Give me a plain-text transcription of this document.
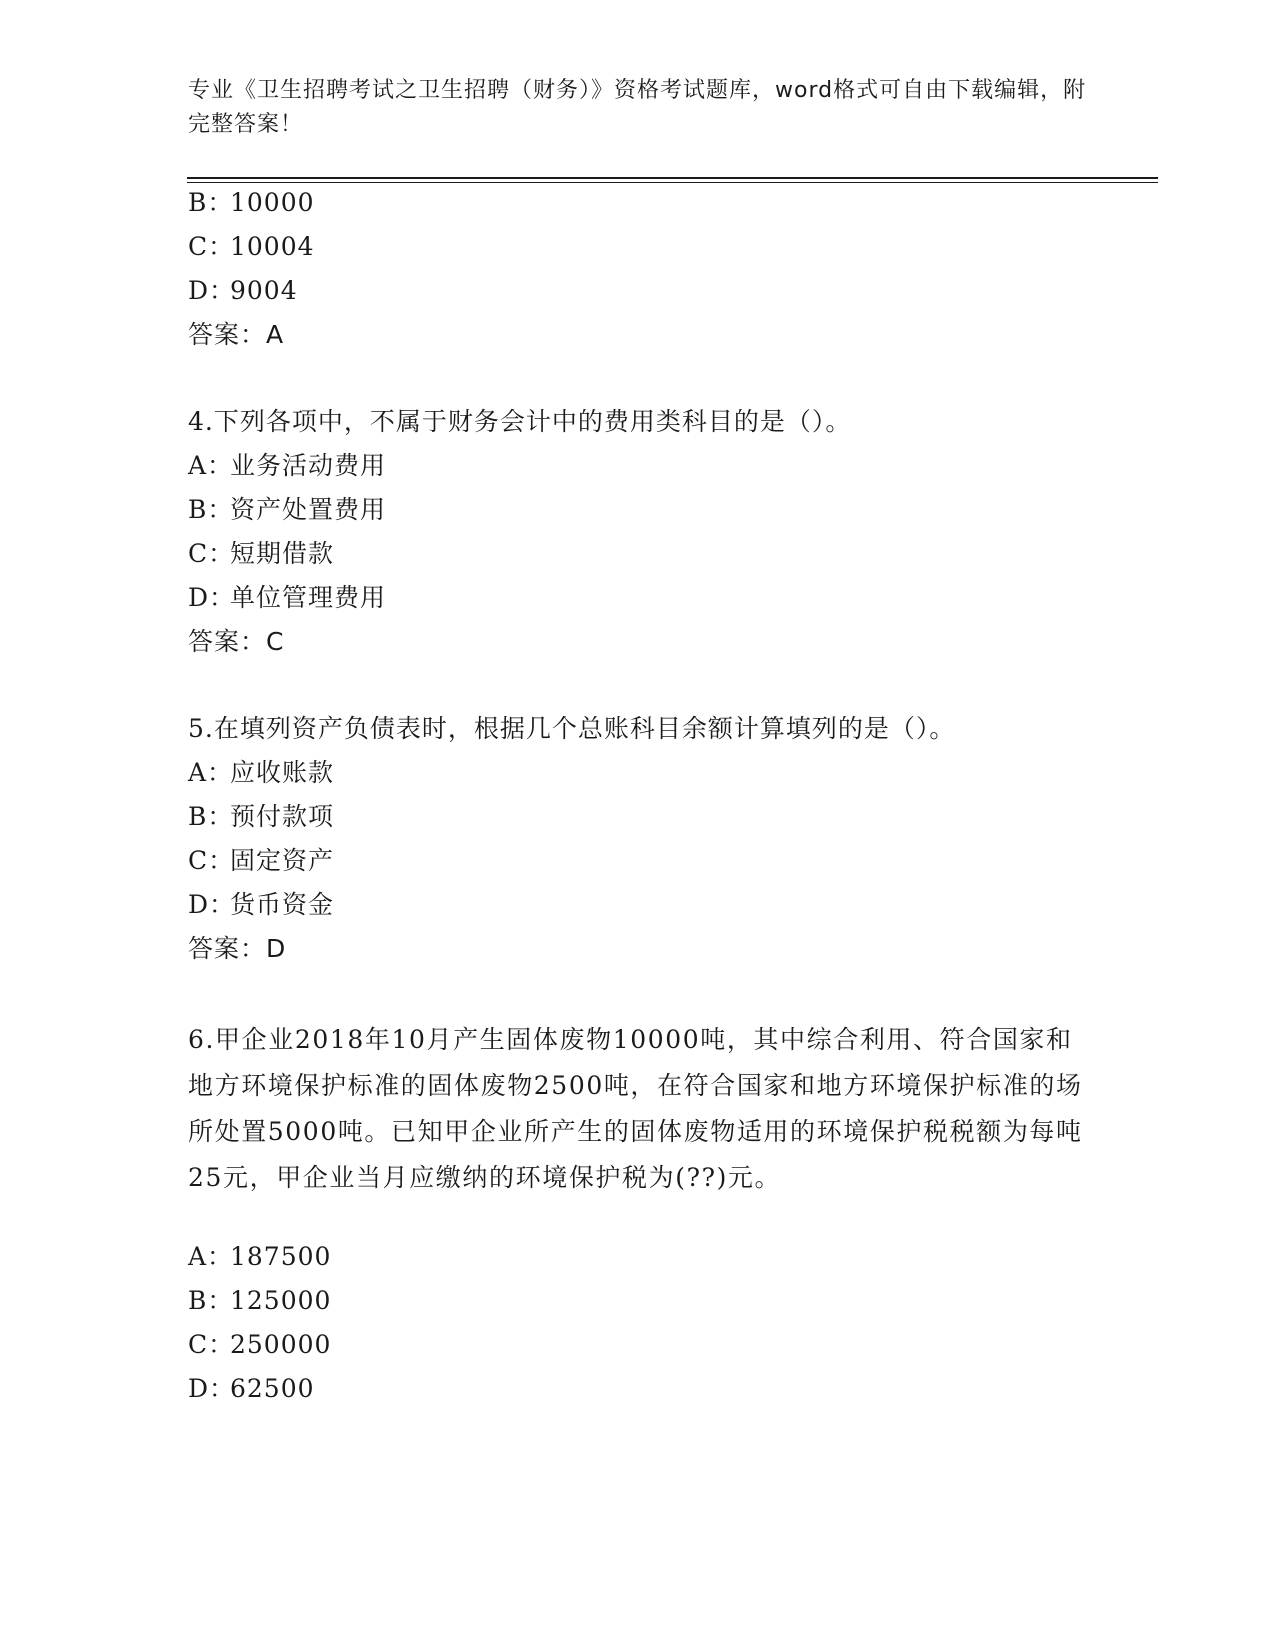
专业《卫生招聘考试之卫生招聘（财务）》资格考试题库，word格式可自由下载编辑，附完整答案！
B：10000
C：10004
D：9004
答案：A
4.下列各项中，不属于财务会计中的费用类科目的是（）。
A：业务活动费用
B：资产处置费用
C：短期借款
D：单位管理费用
答案：C
5.在填列资产负债表时，根据几个总账科目余额计算填列的是（）。
A：应收账款
B：预付款项
C：固定资产
D：货币资金
答案：D
6.甲企业2018年10月产生固体废物10000吨，其中综合利用、符合国家和地方环境保护标准的固体废物2500吨，在符合国家和地方环境保护标准的场所处置5000吨。已知甲企业所产生的固体废物适用的环境保护税税额为每吨25元，甲企业当月应缴纳的环境保护税为(??)元。
A：187500
B：125000
C：250000
D：62500
